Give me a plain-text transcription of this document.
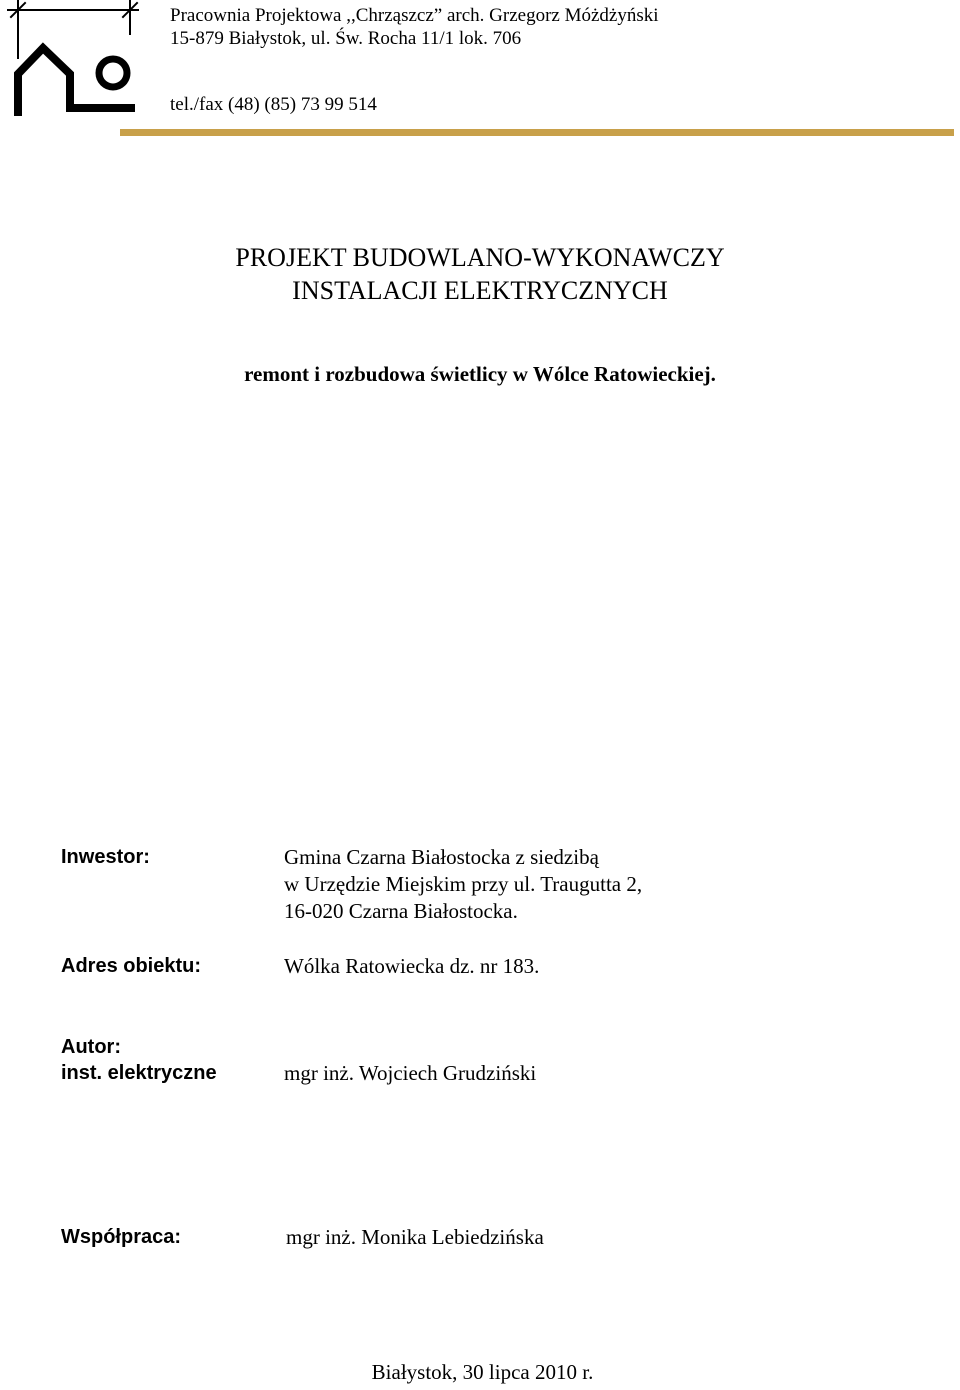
Pracownia Projektowa ,,Chrząszcz” arch. Grzegorz Móżdżyński
15-879 Białystok, ul. Św. Rocha 11/1 lok. 706
tel./fax (48) (85) 73 99 514
PROJEKT BUDOWLANO-WYKONAWCZY
INSTALACJI ELEKTRYCZNYCH
remont i rozbudowa świetlicy w Wólce Ratowieckiej.
Inwestor:	Gmina Czarna Białostocka z siedzibą
w Urzędzie Miejskim przy ul. Traugutta 2,
16-020 Czarna Białostocka.
Adres obiektu:	Wólka Ratowiecka dz. nr 183.
Autor:
inst. elektryczne	mgr inż. Wojciech Grudziński
Współpraca:	mgr inż. Monika Lebiedzińska
Białystok, 30 lipca 2010 r.
